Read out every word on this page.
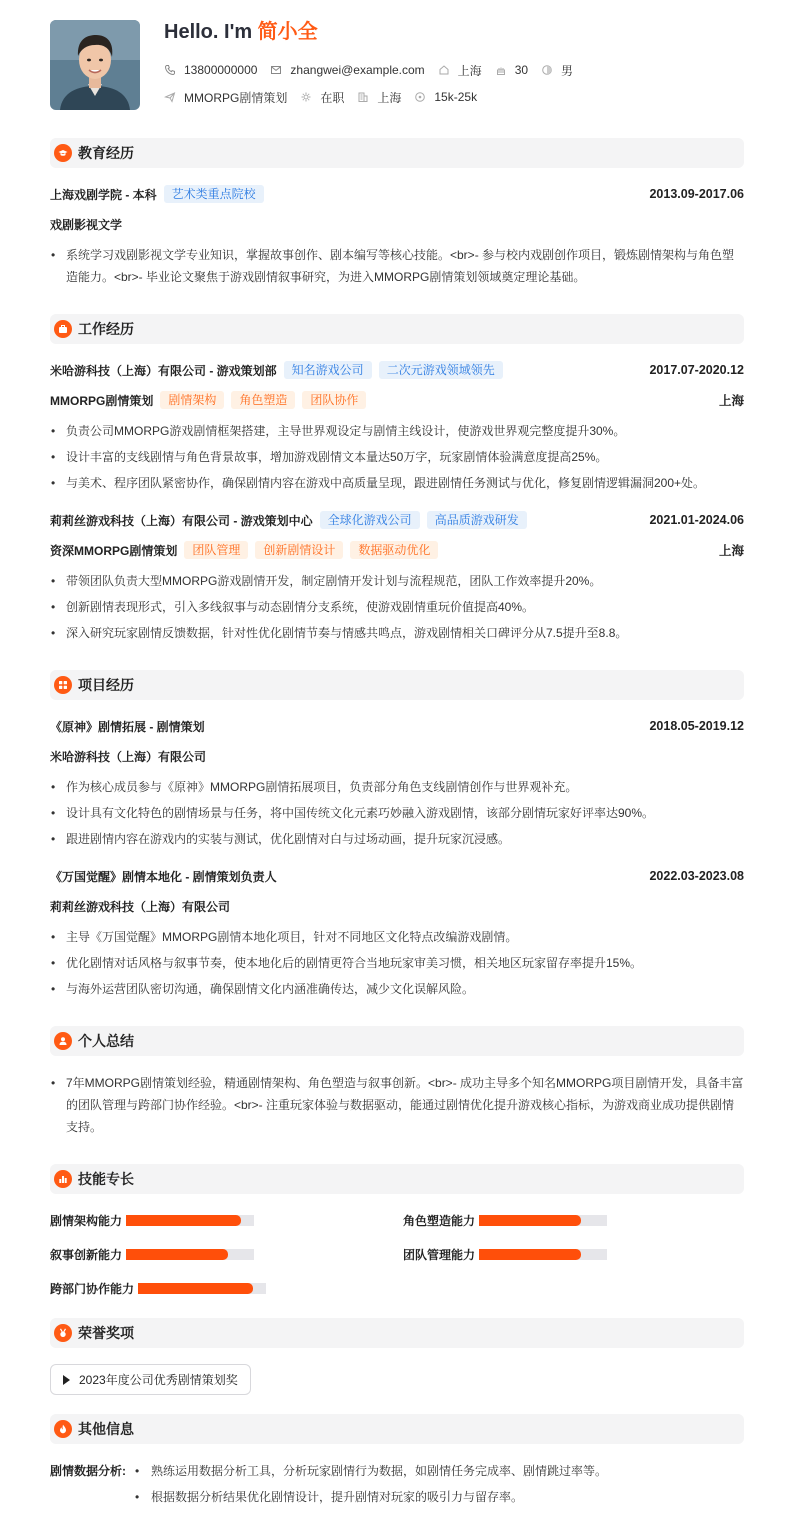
Hello. I'm 简小全
13800000000	zhangwei@example.com	上海	30	男
MMORPG剧情策划	在职	上海	15k-25k
教育经历
上海戏剧学院 - 本科	艺术类重点院校	2013.09-2017.06
戏剧影视文学
• 系统学习戏剧影视文学专业知识，掌握故事创作、剧本编写等核心技能。<br>- 参与校内戏剧创作项目，锻炼剧情架构与角色塑造能力。<br>- 毕业论文聚焦于游戏剧情叙事研究，为进入MMORPG剧情策划领域奠定理论基础。
工作经历
米哈游科技（上海）有限公司 - 游戏策划部	知名游戏公司	二次元游戏领域领先	2017.07-2020.12
MMORPG剧情策划	剧情架构	角色塑造	团队协作	上海
• 负责公司MMORPG游戏剧情框架搭建，主导世界观设定与剧情主线设计，使游戏世界观完整度提升30%。
• 设计丰富的支线剧情与角色背景故事，增加游戏剧情文本量达50万字，玩家剧情体验满意度提高25%。
• 与美术、程序团队紧密协作，确保剧情内容在游戏中高质量呈现，跟进剧情任务测试与优化，修复剧情逻辑漏洞200+处。
莉莉丝游戏科技（上海）有限公司 - 游戏策划中心	全球化游戏公司	高品质游戏研发	2021.01-2024.06
资深MMORPG剧情策划	团队管理	创新剧情设计	数据驱动优化	上海
• 带领团队负责大型MMORPG游戏剧情开发，制定剧情开发计划与流程规范，团队工作效率提升20%。
• 创新剧情表现形式，引入多线叙事与动态剧情分支系统，使游戏剧情重玩价值提高40%。
• 深入研究玩家剧情反馈数据，针对性优化剧情节奏与情感共鸣点，游戏剧情相关口碑评分从7.5提升至8.8。
项目经历
《原神》剧情拓展 - 剧情策划	2018.05-2019.12
米哈游科技（上海）有限公司
• 作为核心成员参与《原神》MMORPG剧情拓展项目，负责部分角色支线剧情创作与世界观补充。
• 设计具有文化特色的剧情场景与任务，将中国传统文化元素巧妙融入游戏剧情，该部分剧情玩家好评率达90%。
• 跟进剧情内容在游戏内的实装与测试，优化剧情对白与过场动画，提升玩家沉浸感。
《万国觉醒》剧情本地化 - 剧情策划负责人	2022.03-2023.08
莉莉丝游戏科技（上海）有限公司
• 主导《万国觉醒》MMORPG剧情本地化项目，针对不同地区文化特点改编游戏剧情。
• 优化剧情对话风格与叙事节奏，使本地化后的剧情更符合当地玩家审美习惯，相关地区玩家留存率提升15%。
• 与海外运营团队密切沟通，确保剧情文化内涵准确传达，减少文化误解风险。
个人总结
• 7年MMORPG剧情策划经验，精通剧情架构、角色塑造与叙事创新。<br>- 成功主导多个知名MMORPG项目剧情开发，具备丰富的团队管理与跨部门协作经验。<br>- 注重玩家体验与数据驱动，能通过剧情优化提升游戏核心指标，为游戏商业成功提供剧情支持。
技能专长
剧情架构能力	角色塑造能力
叙事创新能力	团队管理能力
跨部门协作能力
荣誉奖项
2023年度公司优秀剧情策划奖
其他信息
剧情数据分析:
•	熟练运用数据分析工具，分析玩家剧情行为数据，如剧情任务完成率、剧情跳过率等。
• 根据数据分析结果优化剧情设计，提升剧情对玩家的吸引力与留存率。
